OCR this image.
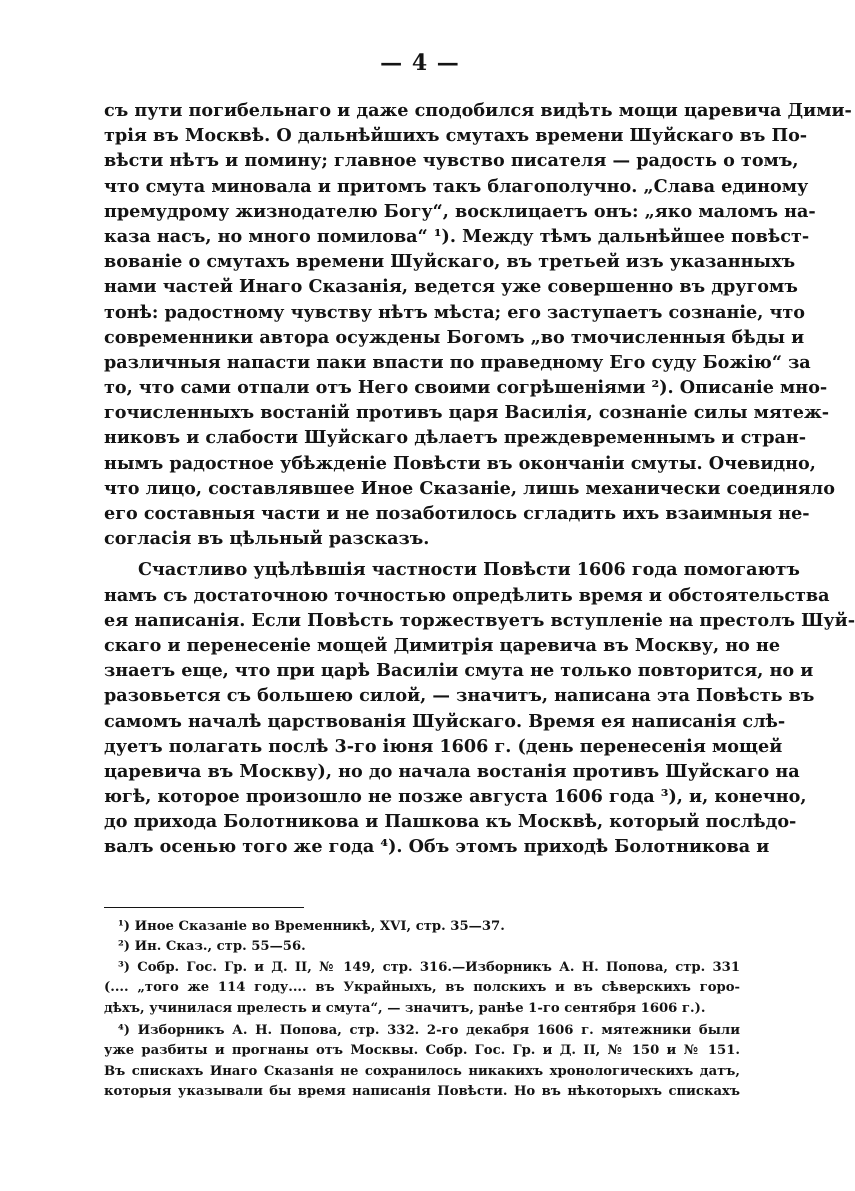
— 4 —
съ пути погибельнаго и даже сподобился видѣть мощи царевича Дими-
трія въ Москвѣ. О дальнѣйшихъ смутахъ времени Шуйскаго въ По-
вѣсти нѣтъ и помину; главное чувство писателя — радость о томъ,
что смута миновала и притомъ такъ благополучно. „Слава единому
премудрому жизнодателю Богу“, восклицаетъ онъ: „яко маломъ на-
каза насъ, но много помилова“ ¹). Между тѣмъ дальнѣйшее повѣст-
вованіе о смутахъ времени Шуйскаго, въ третьей изъ указанныхъ
нами частей Инаго Сказанія, ведется уже совершенно въ другомъ
тонѣ: радостному чувству нѣтъ мѣста; его заступаетъ сознаніе, что
современники автора осуждены Богомъ „во тмочисленныя бѣды и
различныя напасти паки впасти по праведному Его суду Божію“ за
то, что сами отпали отъ Него своими согрѣшеніями ²). Описаніе мно-
гочисленныхъ востаній противъ царя Василія, сознаніе силы мятеж-
никовъ и слабости Шуйскаго дѣлаетъ преждевременнымъ и стран-
нымъ радостное убѣжденіе Повѣсти въ окончаніи смуты. Очевидно,
что лицо, составлявшее Иное Сказаніе, лишь механически соединяло
его составныя части и не позаботилось сгладить ихъ взаимныя не-
согласія въ цѣльный разсказъ.
Счастливо уцѣлѣвшія частности Повѣсти 1606 года помогаютъ
намъ съ достаточною точностью опредѣлить время и обстоятельства
ея написанія. Если Повѣсть торжествуетъ вступленіе на престолъ Шуй-
скаго и перенесеніе мощей Димитрія царевича въ Москву, но не
знаетъ еще, что при царѣ Василіи смута не только повторится, но и
разовьется съ большею силой, — значитъ, написана эта Повѣсть въ
самомъ началѣ царствованія Шуйскаго. Время ея написанія слѣ-
дуетъ полагать послѣ 3-го іюня 1606 г. (день перенесенія мощей
царевича въ Москву), но до начала востанія противъ Шуйскаго на
югѣ, которое произошло не позже августа 1606 года ³), и, конечно,
до прихода Болотникова и Пашкова къ Москвѣ, который послѣдо-
валъ осенью того же года ⁴). Объ этомъ приходѣ Болотникова и
¹) Иное Сказаніе во Временникѣ, XVI, стр. 35—37.
²) Ин. Сказ., стр. 55—56.
³) Собр. Гос. Гр. и Д. II, № 149, стр. 316.—Изборникъ А. Н. Попова, стр. 331
(.... „того же 114 году.... въ Украйныхъ, въ полскихъ и въ сѣверскихъ горо-
дѣхъ, учинилася прелесть и смута“, — значитъ, ранѣе 1-го сентября 1606 г.).
⁴) Изборникъ А. Н. Попова, стр. 332. 2-го декабря 1606 г. мятежники были
уже разбиты и прогнаны отъ Москвы. Собр. Гос. Гр. и Д. II, № 150 и № 151.
Въ спискахъ Инаго Сказанія не сохранилось никакихъ хронологическихъ датъ,
которыя указывали бы время написанія Повѣсти. Но въ нѣкоторыхъ спискахъ
